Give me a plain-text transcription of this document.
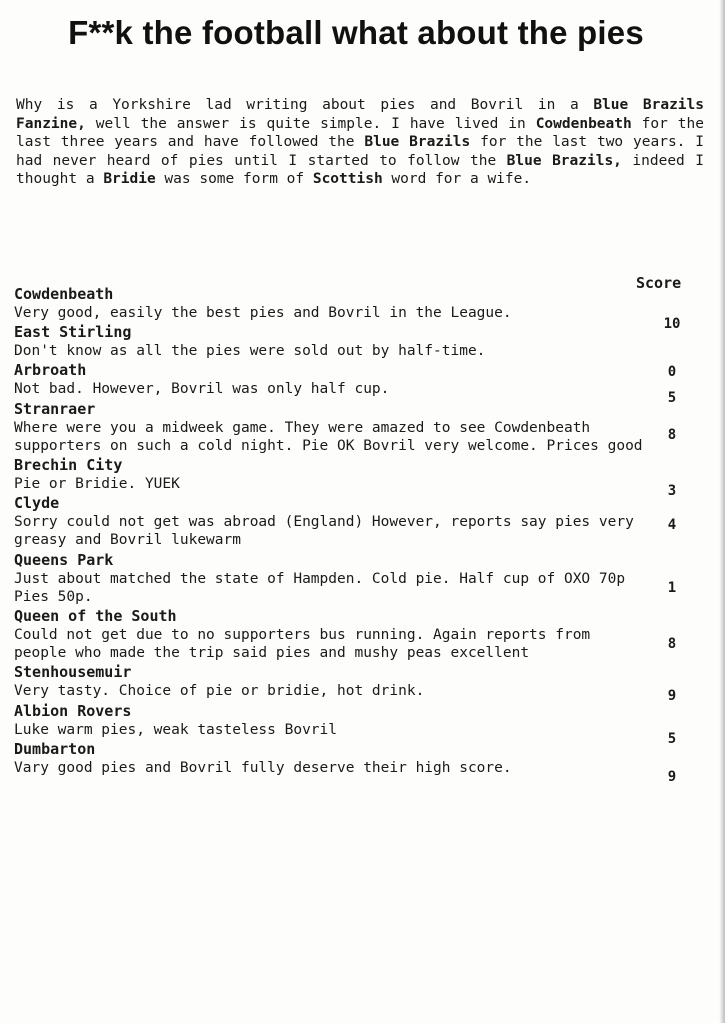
F**k the football what about the pies

Why is a Yorkshire lad writing about pies and Bovril in a Blue Brazils Fanzine, well the answer is quite simple. I have lived in Cowdenbeath for the last three years and have followed the Blue Brazils for the last two years. I had never heard of pies until I started to follow the Blue Brazils, indeed I thought a Bridie was some form of Scottish word for a wife.

Score
Cowdenbeath
Very good, easily the best pies and Bovril in the League.
10
East Stirling
Don't know as all the pies were sold out by half-time.
0
Arbroath
Not bad. However, Bovril was only half cup.
5
Stranraer
Where were you a midweek game. They were amazed to see Cowdenbeath supporters on such a cold night. Pie OK Bovril very welcome. Prices good
8
Brechin City
Pie or Bridie. YUEK	3
Clyde
Sorry could not get was abroad (England) However, reports say pies very greasy and Bovril lukewarm
4
Queens Park
Just about matched the state of Hampden. Cold pie. Half cup of OXO 70p Pies 50p.
1
Queen of the South
Could not get due to no supporters bus running. Again reports from people who made the trip said pies and mushy peas excellent
8
Stenhousemuir
Very tasty. Choice of pie or bridie, hot drink.	9
Albion Rovers
Luke warm pies, weak tasteless Bovril
5
Dumbarton
Vary good pies and Bovril fully deserve their high score.
9
